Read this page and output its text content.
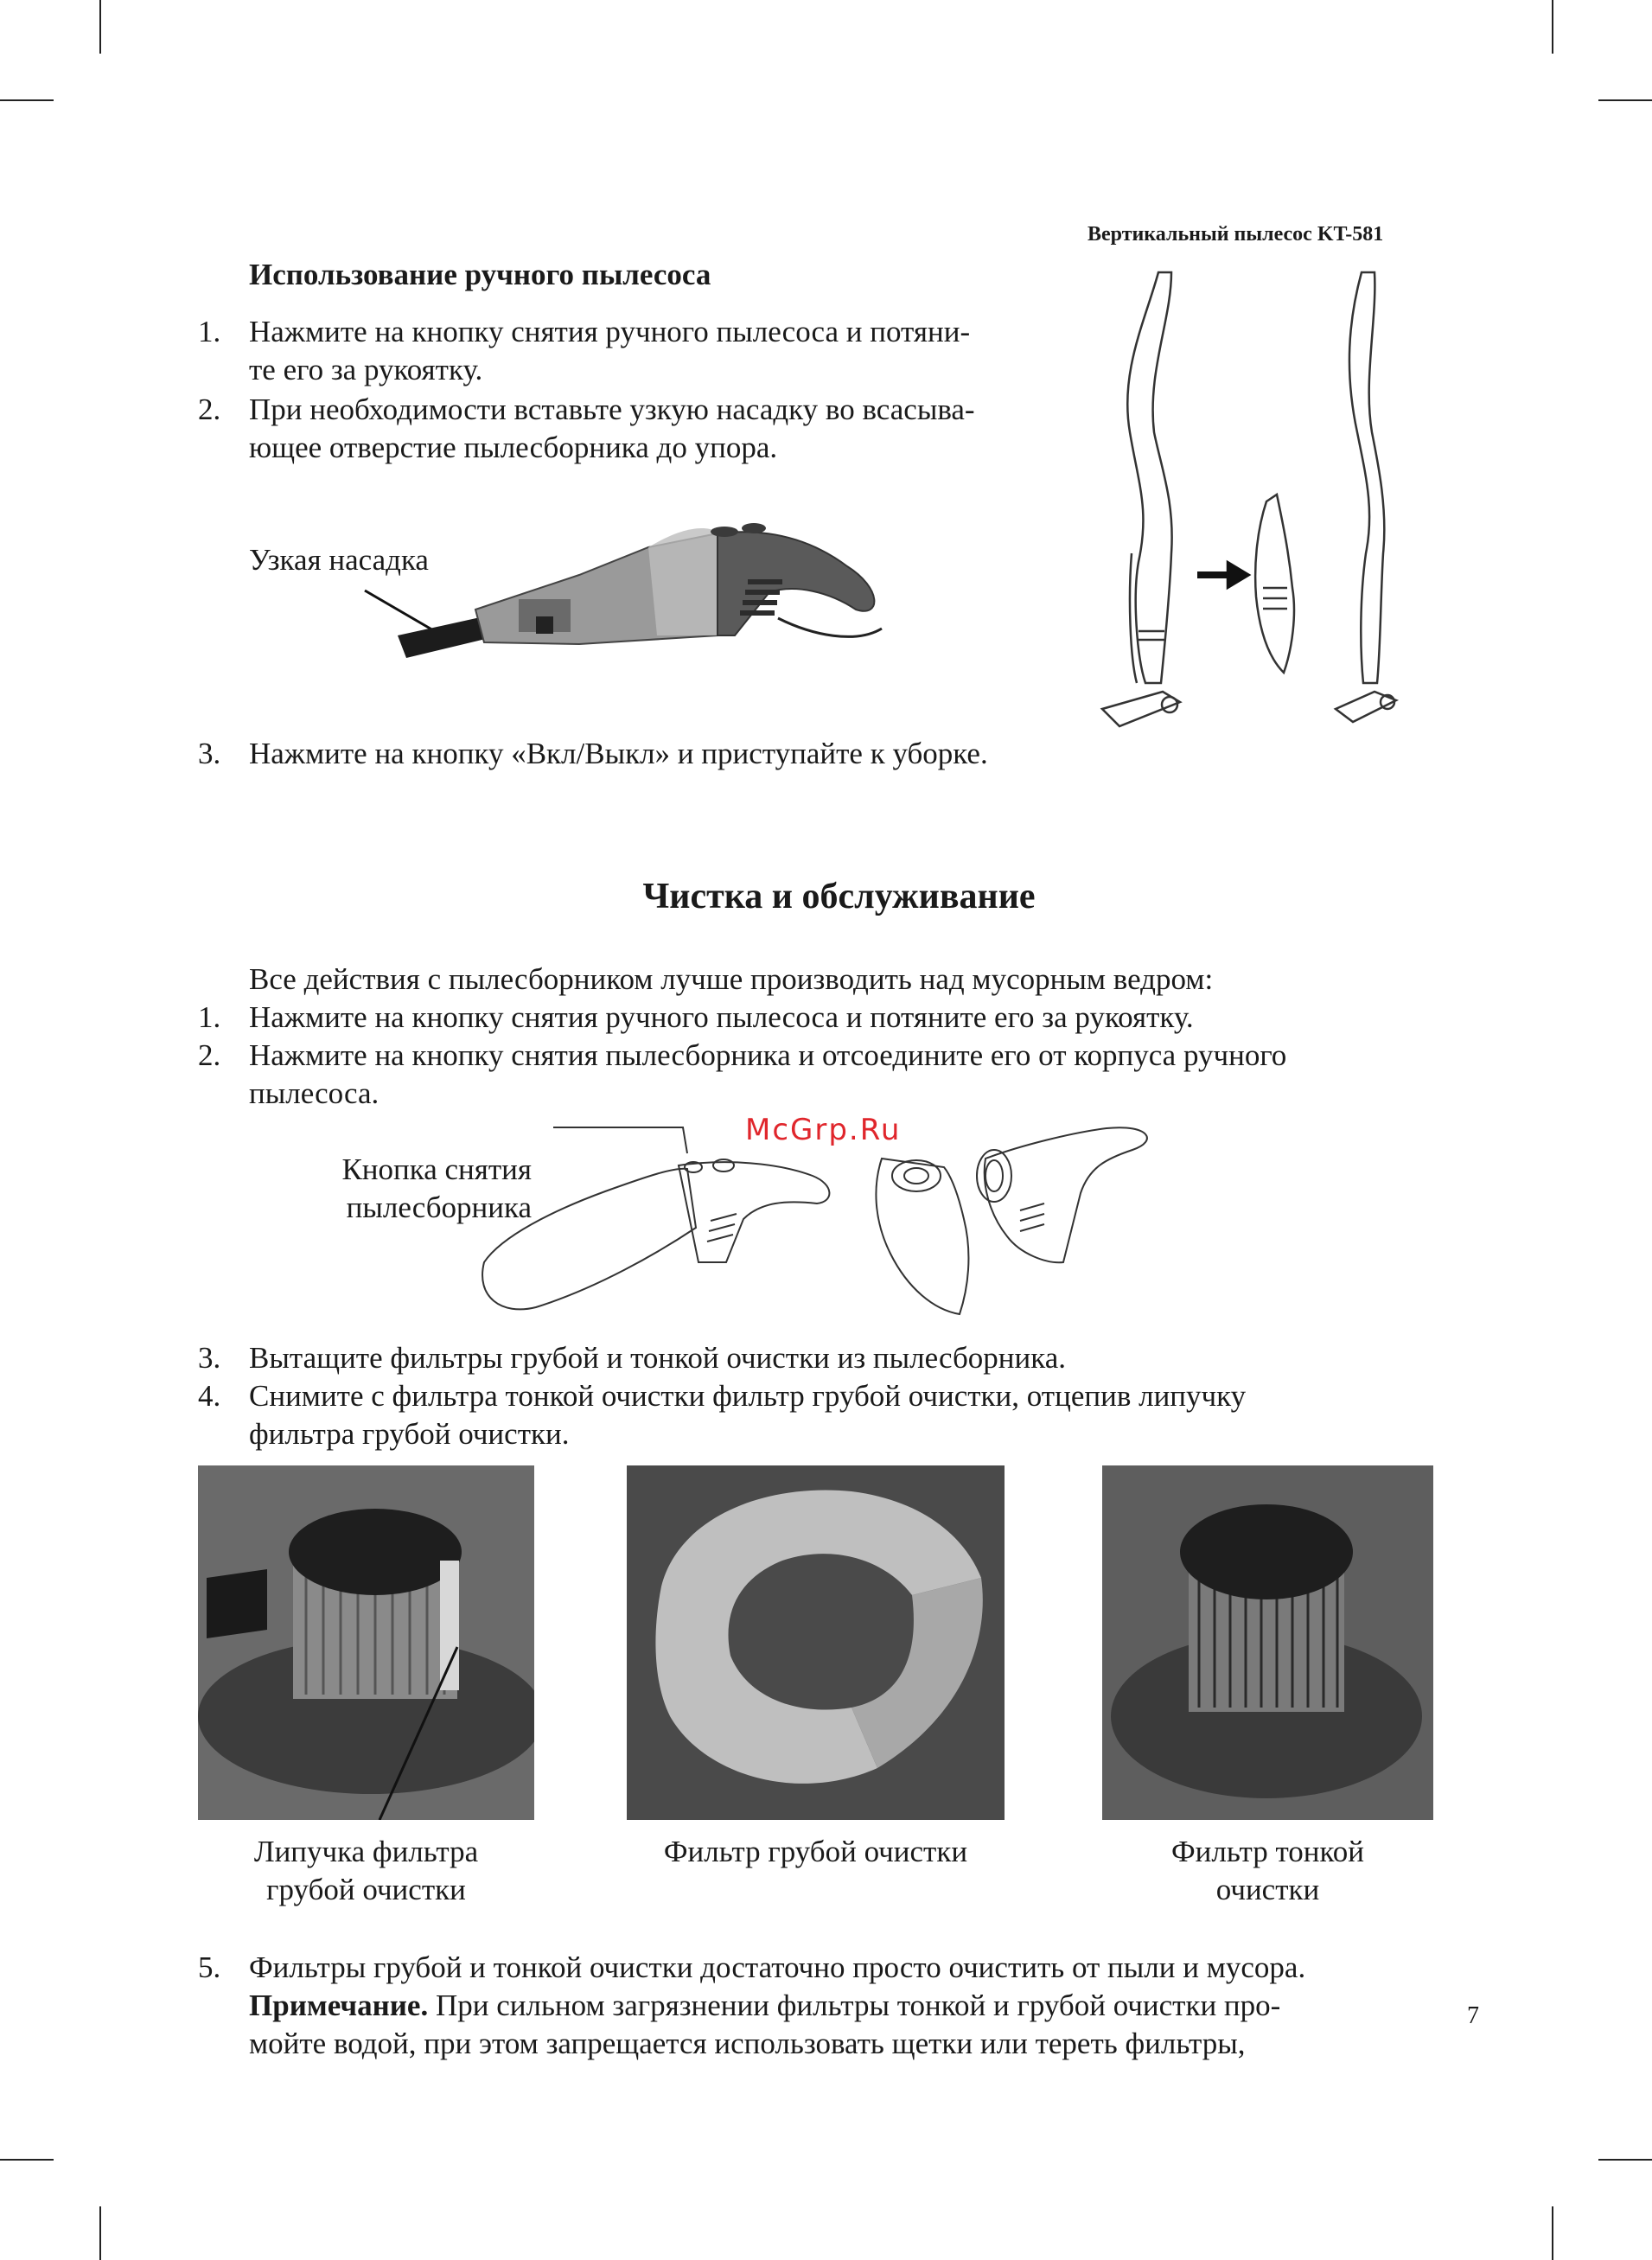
Вертикальный пылесос KT-581
Использование ручного пылесоса
1. Нажмите на кнопку снятия ручного пылесоса и потяни-
те его за рукоятку.
2. При необходимости вставьте узкую насадку во всасыва-
ющее отверстие пылесборника до упора.
Узкая насадка
3. Нажмите на кнопку «Вкл/Выкл» и приступайте к уборке.
Чистка и обслуживание
Все действия с пылесборником лучше производить над мусорным ведром:
1. Нажмите на кнопку снятия ручного пылесоса и потяните его за рукоятку.
2. Нажмите на кнопку снятия пылесборника и отсоедините его от корпуса ручного
пылесоса.
McGrp.Ru
Кнопка снятия
пылесборника
3. Вытащите фильтры грубой и тонкой очистки из пылесборника.
4. Снимите с фильтра тонкой очистки фильтр грубой очистки, отцепив липучку
фильтра грубой очистки.
Липучка фильтра
грубой очистки
Фильтр грубой очистки	Фильтр тонкой
очистки
5. Фильтры грубой и тонкой очистки достаточно просто очистить от пыли и мусора.
Примечание. При сильном загрязнении фильтры тонкой и грубой очистки про-
мойте водой, при этом запрещается использовать щетки или тереть фильтры,
7
